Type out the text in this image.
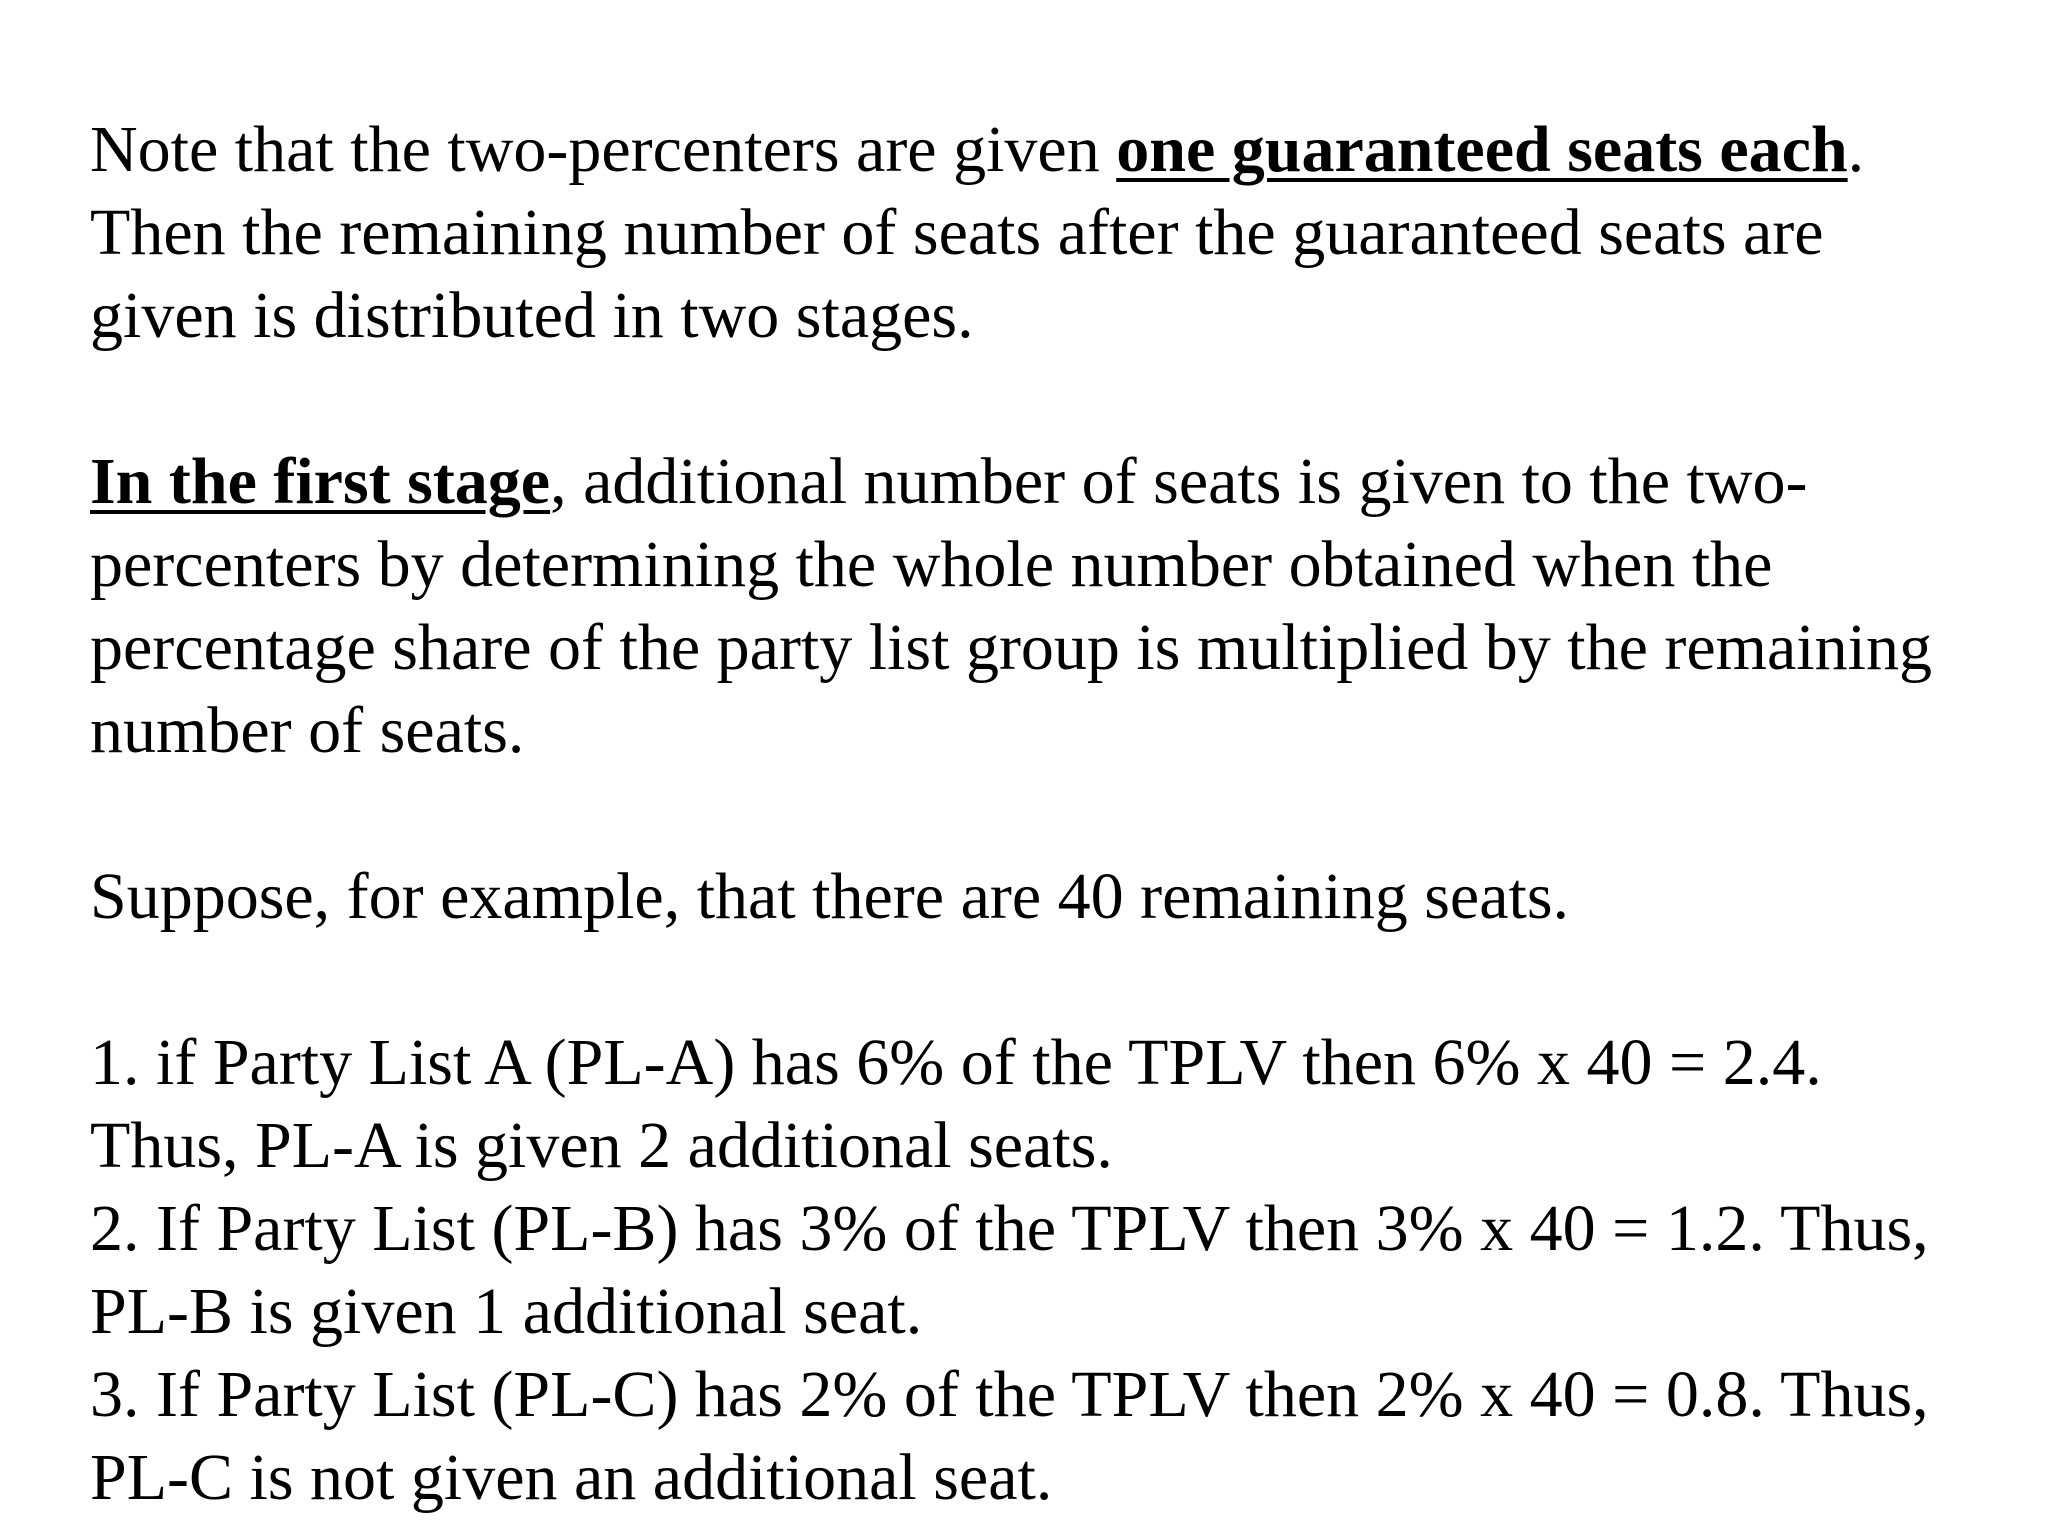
Note that the two-percenters are given one guaranteed seats each.
Then the remaining number of seats after the guaranteed seats are
given is distributed in two stages.

In the first stage, additional number of seats is given to the two-
percenters by determining the whole number obtained when the
percentage share of the party list group is multiplied by the remaining
number of seats.

Suppose, for example, that there are 40 remaining seats.

1. if Party List A (PL-A) has 6% of the TPLV then 6% x 40 = 2.4.
Thus, PL-A is given 2 additional seats.
2. If Party List (PL-B) has 3% of the TPLV then 3% x 40 = 1.2. Thus,
PL-B is given 1 additional seat.
3. If Party List (PL-C) has 2% of the TPLV then 2% x 40 = 0.8. Thus,
PL-C is not given an additional seat.
